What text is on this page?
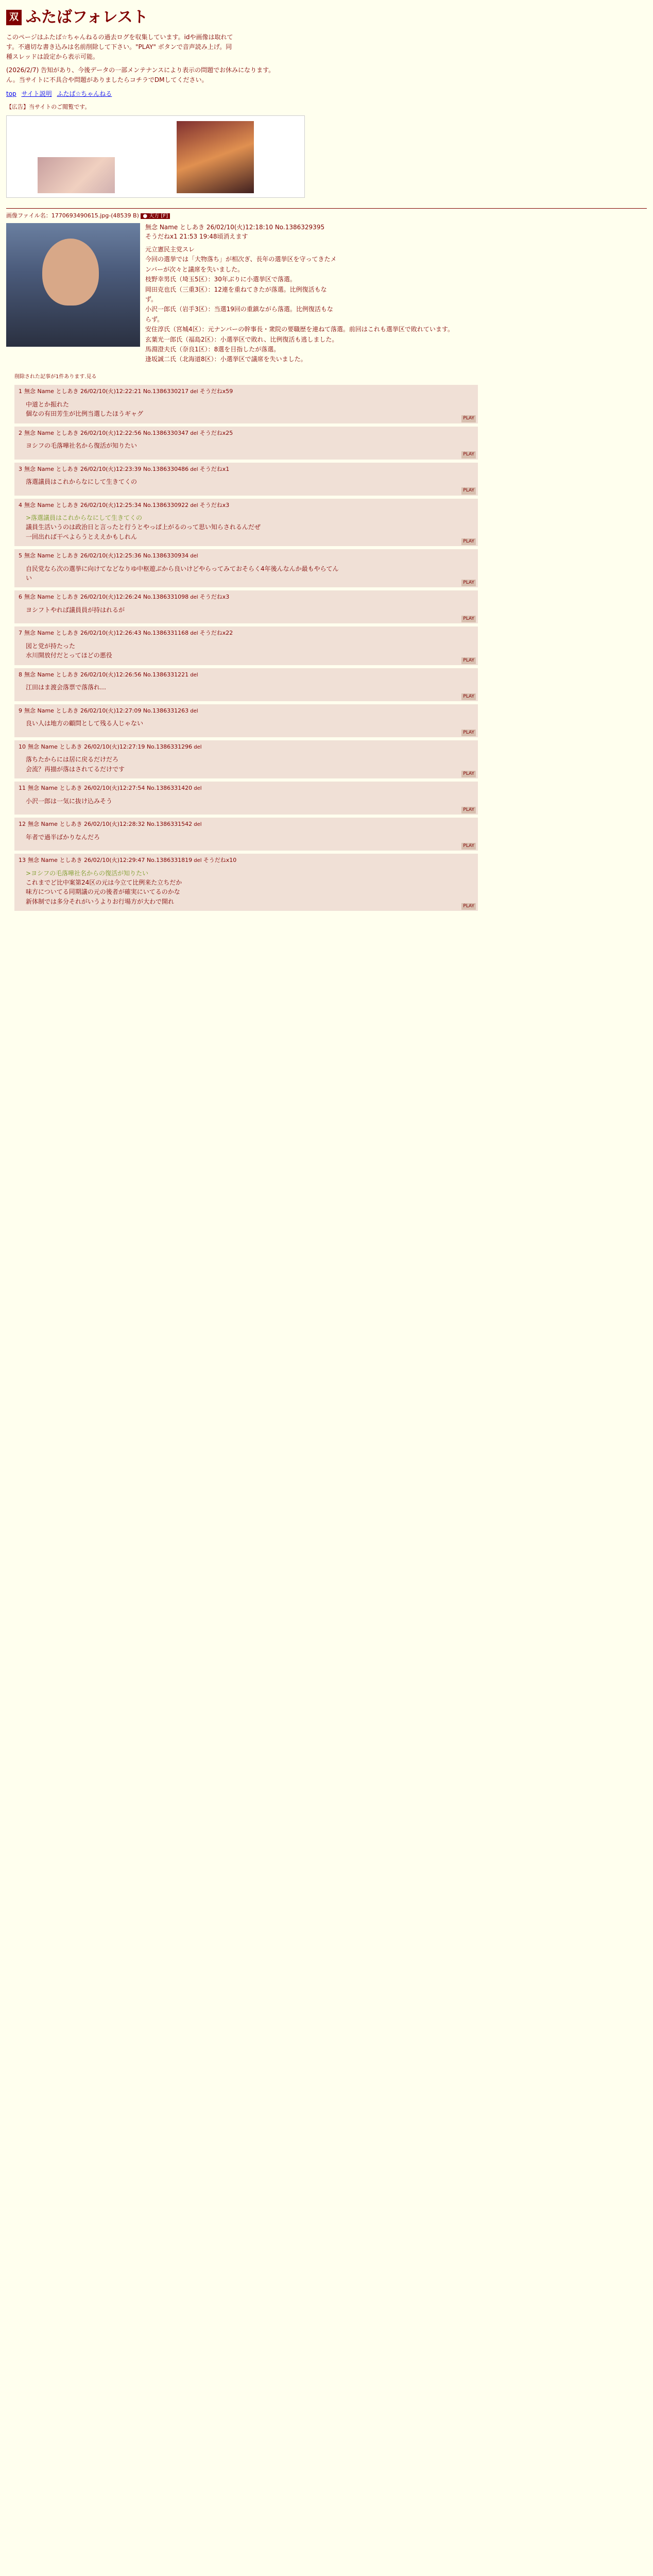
双 ふたばフォレスト

このページはふたば☆ちゃんねるの過去ログを収集しています。idや画像は取れて

す。不適切な書き込みは名前削除して下さい。"PLAY" ボタンで音声読み上げ。同

種スレッドは設定から表示可能。

(2026/2/7) 告知があり、今後データの一部メンテナンスにより表示の問題でお休みになります。

ん。当サイトに不具合や問題がありましたらコチラでDMしてください。

top サイト説明 ふたば☆ちゃんねる
【広告】当サイトのご閲覧です。
画像ファイル名：1770693490615.jpg-(48539 B) ● 天方 [F]
無念 Name としあき 26/02/10(火)12:18:10 No.1386329395
そうだねx1 21:53 19:48頃消えます

元立憲民主党スレ

今回の選挙では「大物落ち」が相次ぎ、長年の選挙区を守ってきたメ

ンバーが次々と議席を失いました。

枝野幸男氏（埼玉5区）：30年ぶりに小選挙区で落選。

岡田克也氏（三重3区）：12連を重ねてきたが落選。比例復活もな

ず。

小沢一郎氏（岩手3区）：当選19回の重鎮ながら落選。比例復活もな

らず。

安住淳氏（宮城4区）：元ナンバーの幹事長・衆院の要職歴を連ねて落選。前回はこれも選挙区で敗れています。

玄葉光一郎氏（福島2区）：小選挙区で敗れ、比例復活も逃しました。

馬淵澄夫氏（奈良1区）：8選を目指したが落選。

逢坂誠二氏（北海道8区）：小選挙区で議席を失いました。

削除された記事が1件あります.見る
1 無念 Name としあき 26/02/10(火)12:22:21 No.1386330217 del そうだねx59

中道とか振れた

個なの有田芳生が比例当選したほうギャグ

PLAY
2 無念 Name としあき 26/02/10(火)12:22:56 No.1386330347 del そうだねx25

ヨシフの毛落嘩社名から復活が知りたい

PLAY
3 無念 Name としあき 26/02/10(火)12:23:39 No.1386330486 del そうだねx1

落選議員はこれからなにして生きてくの

PLAY
4 無念 Name としあき 26/02/10(火)12:25:34 No.1386330922 del そうだねx3

>落選議員はこれからなにして生きてくの

議員生活いうのは政治日と言ったと行うとやっぱ上がるのって思い知らされるんだぜ

一回出れば干ぺよらうとええかもしれん

PLAY
5 無念 Name としあき 26/02/10(火)12:25:36 No.1386330934 del

自民党なら次の選挙に向けてなどなりゆ中枢遊ぶから良いけどやらってみておそらく4年後んなんか最もやらてん

い

PLAY
6 無念 Name としあき 26/02/10(火)12:26:24 No.1386331098 del そうだねx3

ヨシフトやれば議員員が持はれるが

PLAY
7 無念 Name としあき 26/02/10(火)12:26:43 No.1386331168 del そうだねx22

図と党が持たった

水川開放付だとってほどの悪役

PLAY
8 無念 Name としあき 26/02/10(火)12:26:56 No.1386331221 del

江田はま渡会落票で落落れ…

PLAY
9 無念 Name としあき 26/02/10(火)12:27:09 No.1386331263 del

良い人は地方の顧問として残る人じゃない

PLAY
10 無念 Name としあき 26/02/10(火)12:27:19 No.1386331296 del

落ちたからには居に戻るだけだろ

会流？再描が落はされてるだけです

PLAY
11 無念 Name としあき 26/02/10(火)12:27:54 No.1386331420 del

小沢一郎は一気に抜け込みそう

PLAY
12 無念 Name としあき 26/02/10(火)12:28:32 No.1386331542 del

年者で過半ばかりなんだろ

PLAY
13 無念 Name としあき 26/02/10(火)12:29:47 No.1386331819 del そうだねx10

>ヨシフの毛落嘩社名からの復活が知りたい

これまでど比中案第24区の元は今立て比例来た立ちだか

味方についてる同期議の元の後者が確実にいてるのかな

新体制では多分それがいうよりお行場方が大わで開れ

PLAY
